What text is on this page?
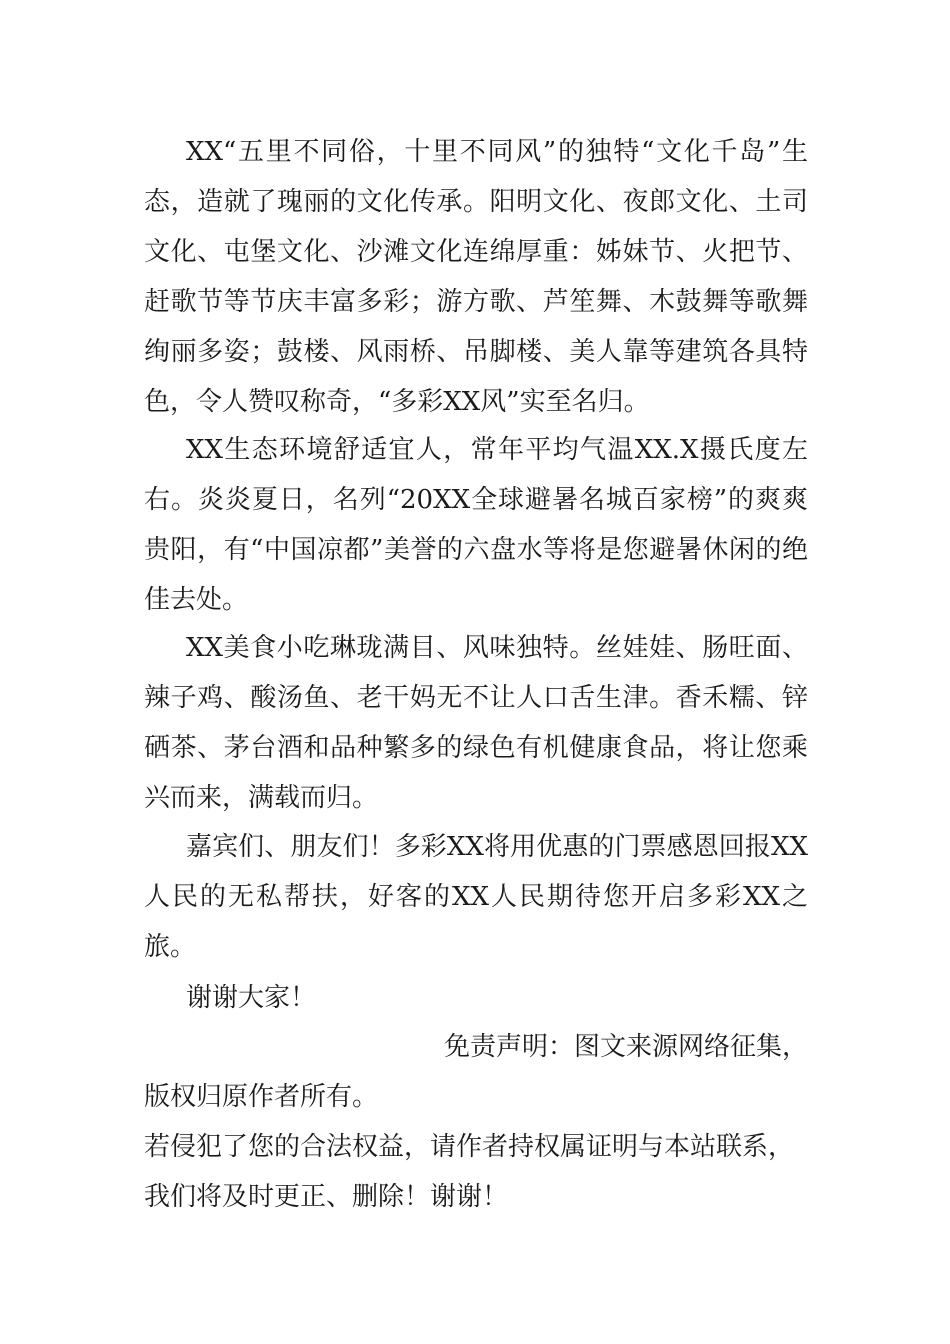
XX“五里不同俗，十里不同风”的独特“文化千岛”生态，造就了瑰丽的文化传承。阳明文化、夜郎文化、土司文化、屯堡文化、沙滩文化连绵厚重：姊妹节、火把节、赶歌节等节庆丰富多彩；游方歌、芦笙舞、木鼓舞等歌舞绚丽多姿；鼓楼、风雨桥、吊脚楼、美人靠等建筑各具特色，令人赞叹称奇，“多彩XX风”实至名归。
XX生态环境舒适宜人，常年平均气温XX.X摄氏度左右。炎炎夏日，名列“20XX全球避暑名城百家榜”的爽爽贵阳，有“中国凉都”美誉的六盘水等将是您避暑休闲的绝佳去处。
XX美食小吃琳珑满目、风味独特。丝娃娃、肠旺面、辣子鸡、酸汤鱼、老干妈无不让人口舌生津。香禾糯、锌硒茶、茅台酒和品种繁多的绿色有机健康食品，将让您乘兴而来，满载而归。
嘉宾们、朋友们！多彩XX将用优惠的门票感恩回报XX人民的无私帮扶，好客的XX人民期待您开启多彩XX之旅。
谢谢大家！
免责声明：图文来源网络征集，
版权归原作者所有。
若侵犯了您的合法权益，请作者持权属证明与本站联系，
我们将及时更正、删除！谢谢！
